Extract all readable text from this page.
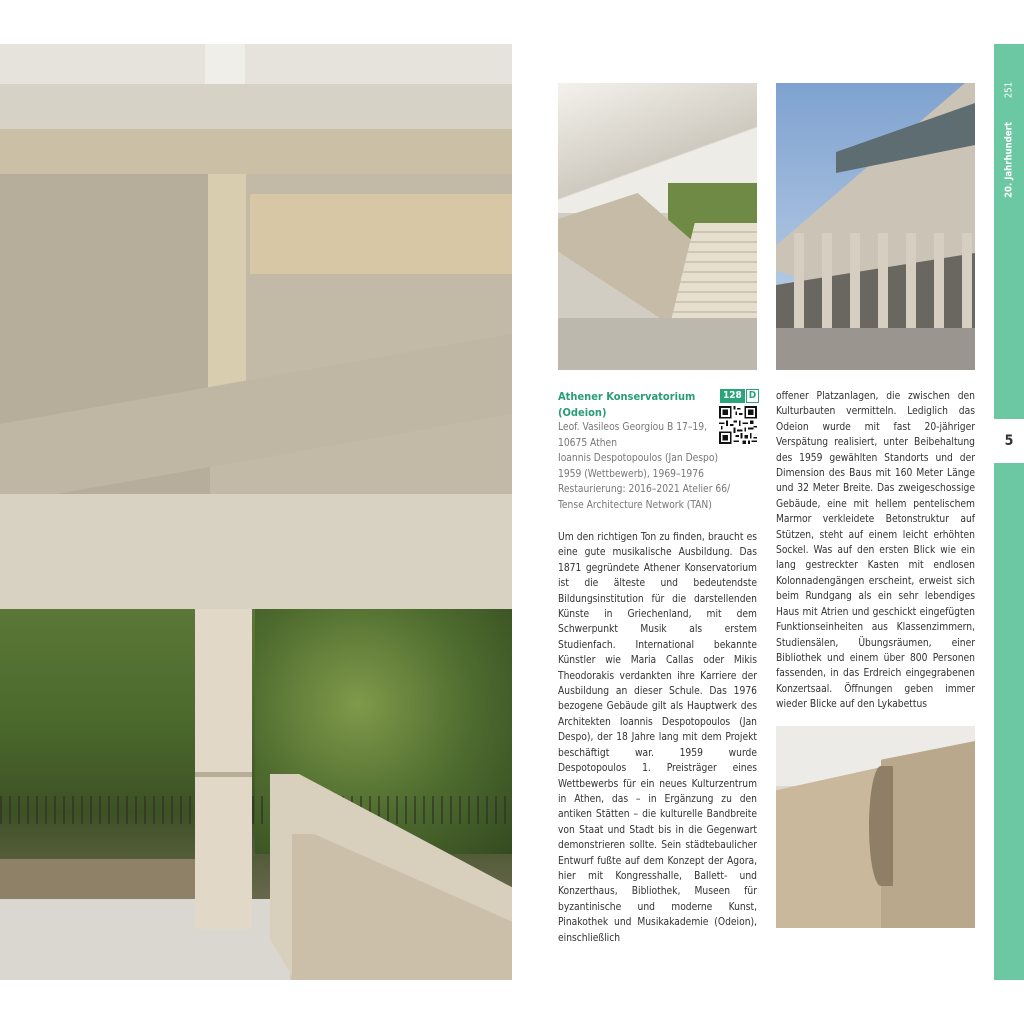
Athener Konservatorium
(Odeion)
Leof. Vasileos Georgiou B 17–19,
10675 Athen
Ioannis Despotopoulos (Jan Despo)
1959 (Wettbewerb), 1969–1976
Restaurierung: 2016–2021 Atelier 66/
Tense Architecture Network (TAN)
128 D

Um den richtigen Ton zu finden, braucht es eine gute musikalische Ausbildung. Das 1871 gegründete Athener Konservatorium ist die älteste und bedeutendste Bildungsinstitution für die darstellenden Künste in Griechenland, mit dem Schwerpunkt Musik als erstem Studienfach. International bekannte Künstler wie Maria Callas oder Mikis Theodorakis verdankten ihre Karriere der Ausbildung an dieser Schule. Das 1976 bezogene Gebäude gilt als Hauptwerk des Architekten Ioannis Despotopoulos (Jan Despo), der 18 Jahre lang mit dem Projekt beschäftigt war. 1959 wurde Despotopoulos 1. Preisträger eines Wettbewerbs für ein neues Kulturzentrum in Athen, das – in Ergänzung zu den antiken Stätten – die kulturelle Bandbreite von Staat und Stadt bis in die Gegenwart demonstrieren sollte. Sein städtebaulicher Entwurf fußte auf dem Konzept der Agora, hier mit Kongresshalle, Ballett- und Konzerthaus, Bibliothek, Museen für byzantinische und moderne Kunst, Pinakothek und Musikakademie (Odeion), einschließlich

offener Platzanlagen, die zwischen den Kulturbauten vermitteln. Lediglich das Odeion wurde mit fast 20-jähriger Verspätung realisiert, unter Beibehaltung des 1959 gewählten Standorts und der Dimension des Baus mit 160 Meter Länge und 32 Meter Breite. Das zweigeschossige Gebäude, eine mit hellem pentelischem Marmor verkleidete Betonstruktur auf Stützen, steht auf einem leicht erhöhten Sockel. Was auf den ersten Blick wie ein lang gestreckter Kasten mit endlosen Kolonnadengängen erscheint, erweist sich beim Rundgang als ein sehr lebendiges Haus mit Atrien und geschickt eingefügten Funktionseinheiten aus Klassenzimmern, Studiensälen, Übungsräumen, einer Bibliothek und einem über 800 Personen fassenden, in das Erdreich eingegrabenen Konzertsaal. Öffnungen geben immer wieder Blicke auf den Lykabettus

251
20. Jahrhundert
5
